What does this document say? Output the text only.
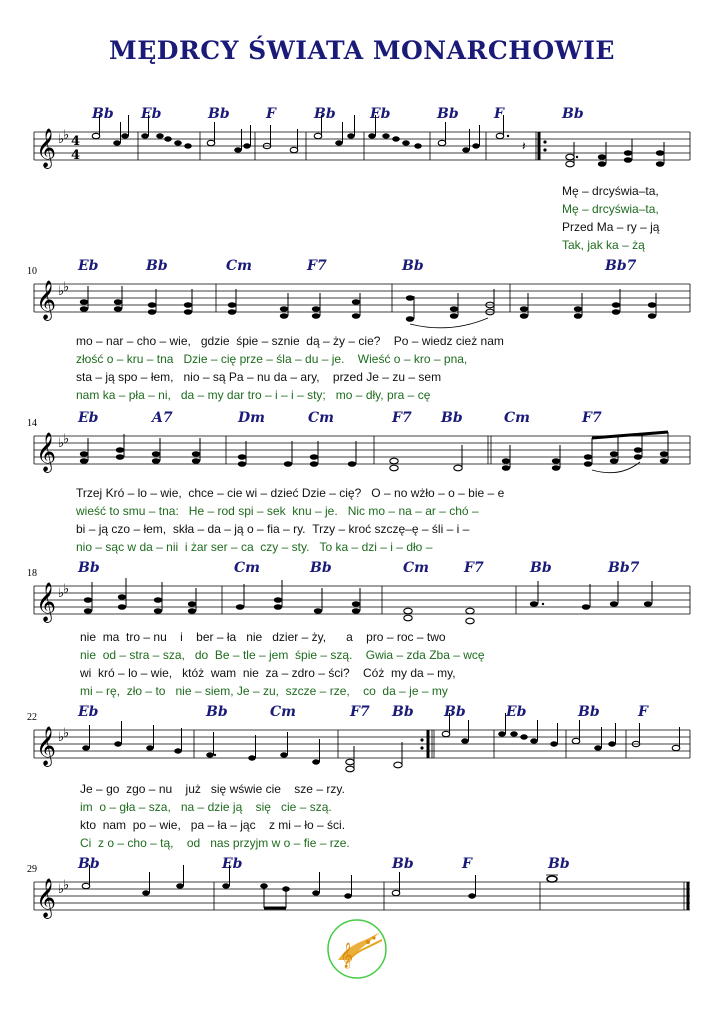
MĘDRCY ŚWIATA MONARCHOWIE
Bb Eb	Bb	F	Bb Eb	Bb	F	Bb
𝄞 ♭
♭ 4
4
𝄽
Mę – drcyświa–ta,
Mę – drcyświa–ta,
Przed Ma – ry – ją
Tak, jak ka – żą
10	Eb	Bb	Cm	F7	Bb	Bb7
𝄞 ♭
♭
mo – nar – cho – wie, gdzie śpie – sznie dą – ży – cie? Po – wiedz cież nam
złość o – kru – tna Dzie – cię prze – śla – du – je. Wieść o – kro – pna,
sta – ją spo – łem, nio – są Pa – nu da – ary, przed Je – zu – sem
nam ka – pła – ni, da – my dar tro – i – i – sty; mo – dły, pra – cę
14	Eb	A7	Dm	Cm	F7 Bb	Cm	F7
𝄞 ♭
♭
Trzej Kró – lo – wie, chce – cie wi – dzieć Dzie – cię? O – no wżło – o – bie – e
wieść to smu – tna: He – rod spi – sek knu – je. Nic mo – na – ar – chó –
bi – ją czo – łem, skła – da – ją o – fia – ry. Trzy – kroć szczę–ę – śli – i –
nio – sąc w da – nii i żar ser – ca czy – sty. To ka – dzi – i – dło –
18	Bb	Cm	Bb	Cm	F7	Bb	Bb7
𝄞 ♭
♭
nie ma tro – nu i ber – ła nie dzier – ży, a pro – roc – two
nie od – stra – sza, do Be – tle – jem śpie – szą. Gwia – zda Zba – wcę
wi kró – lo – wie, któż wam nie za – zdro – ści? Cóż my da – my,
mi – rę, zło – to nie – siem, Je – zu, szcze – rze, co da – je – my
22	Eb	Bb	Cm	F7 Bb Bb	Eb	Bb	F
𝄞 ♭
♭
Je – go zgo – nu już się wświe cie sze – rzy.
im o – gła – sza, na – dzie ją się cie – szą.
kto nam po – wie, pa – ła – jąc z mi – ło – ści.
Ci z o – cho – tą, od nas przyjm w o – fie – rze.
29	Bb	Eb	Bb	F	Bb
𝄞 ♭
♭
𝄞
